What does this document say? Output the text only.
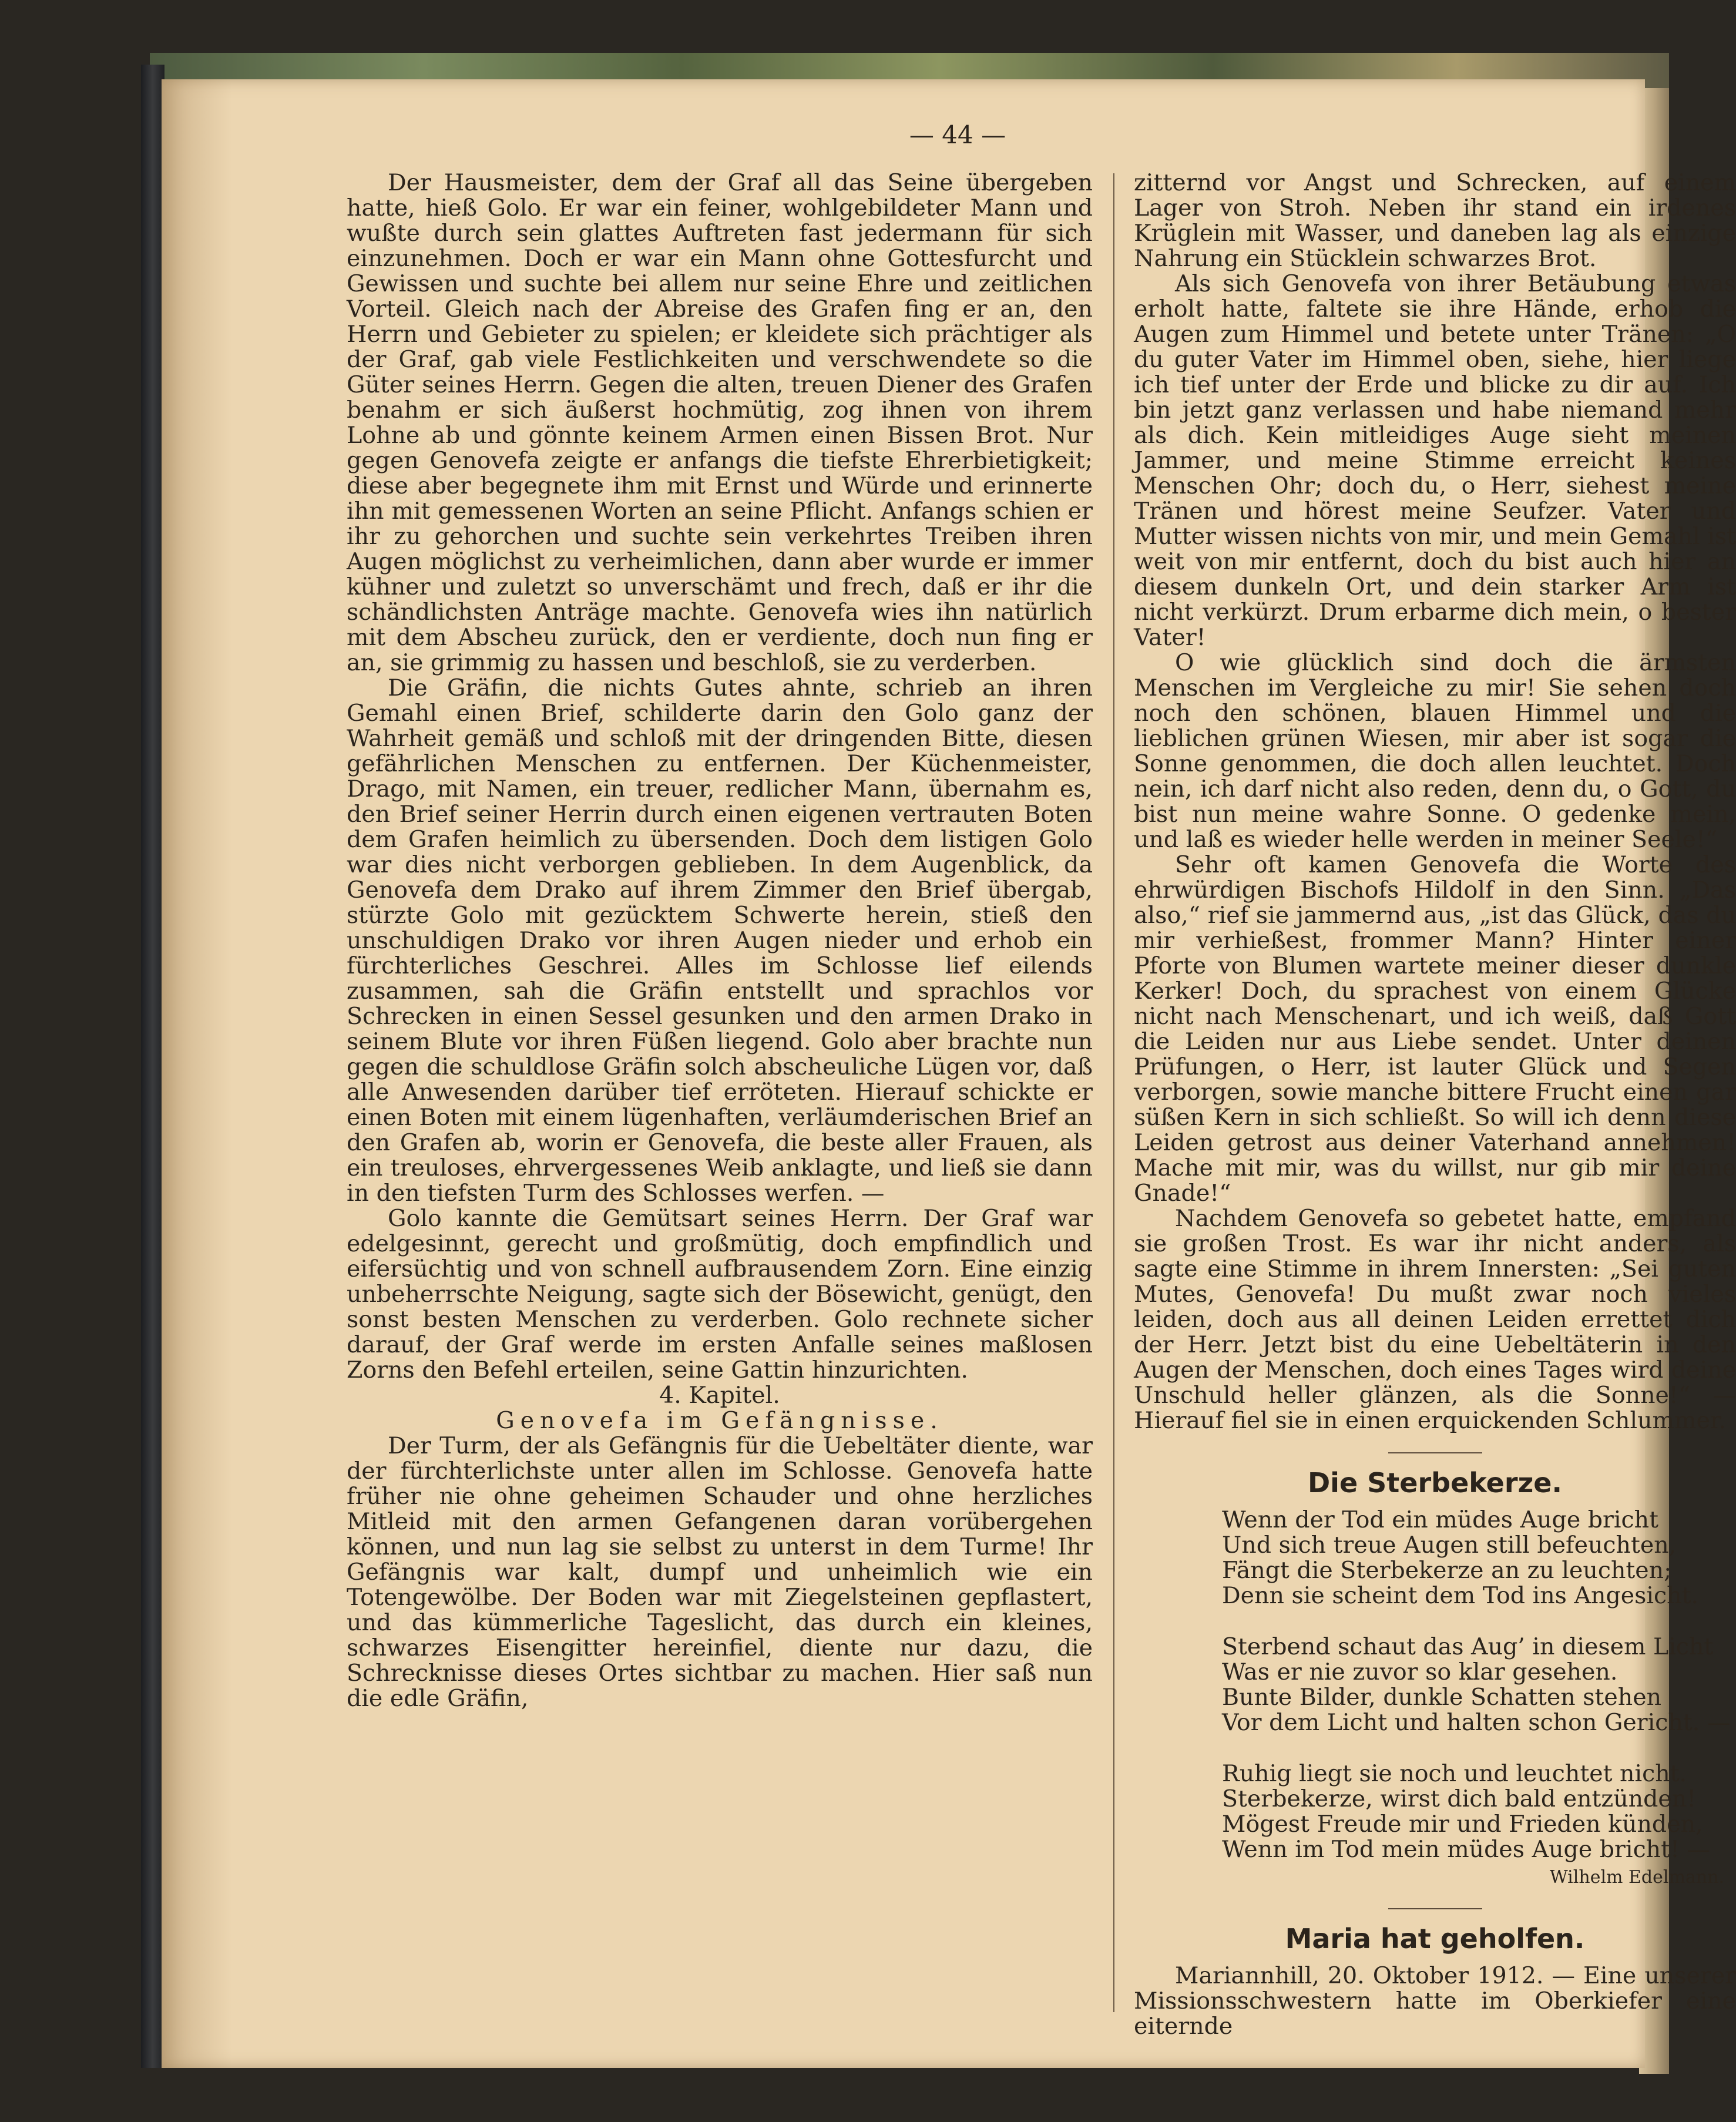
— 44 —

Der Hausmeister, dem der Graf all das Seine übergeben hatte, hieß Golo. Er war ein feiner, wohlgebildeter Mann und wußte durch sein glattes Auftreten fast jedermann für sich einzunehmen. Doch er war ein Mann ohne Gottesfurcht und Gewissen und suchte bei allem nur seine Ehre und zeitlichen Vorteil. Gleich nach der Abreise des Grafen fing er an, den Herrn und Gebieter zu spielen; er kleidete sich prächtiger als der Graf, gab viele Festlichkeiten und verschwendete so die Güter seines Herrn. Gegen die alten, treuen Diener des Grafen benahm er sich äußerst hochmütig, zog ihnen von ihrem Lohne ab und gönnte keinem Armen einen Bissen Brot. Nur gegen Genovefa zeigte er anfangs die tiefste Ehrerbietigkeit; diese aber begegnete ihm mit Ernst und Würde und erinnerte ihn mit gemessenen Worten an seine Pflicht. Anfangs schien er ihr zu gehorchen und suchte sein verkehrtes Treiben ihren Augen möglichst zu verheimlichen, dann aber wurde er immer kühner und zuletzt so unverschämt und frech, daß er ihr die schändlichsten Anträge machte. Genovefa wies ihn natürlich mit dem Abscheu zurück, den er verdiente, doch nun fing er an, sie grimmig zu hassen und beschloß, sie zu verderben.

Die Gräfin, die nichts Gutes ahnte, schrieb an ihren Gemahl einen Brief, schilderte darin den Golo ganz der Wahrheit gemäß und schloß mit der dringenden Bitte, diesen gefährlichen Menschen zu entfernen. Der Küchenmeister, Drago, mit Namen, ein treuer, redlicher Mann, übernahm es, den Brief seiner Herrin durch einen eigenen vertrauten Boten dem Grafen heimlich zu übersenden. Doch dem listigen Golo war dies nicht verborgen geblieben. In dem Augenblick, da Genovefa dem Drako auf ihrem Zimmer den Brief übergab, stürzte Golo mit gezücktem Schwerte herein, stieß den unschuldigen Drako vor ihren Augen nieder und erhob ein fürchterliches Geschrei. Alles im Schlosse lief eilends zusammen, sah die Gräfin entstellt und sprachlos vor Schrecken in einen Sessel gesunken und den armen Drako in seinem Blute vor ihren Füßen liegend. Golo aber brachte nun gegen die schuldlose Gräfin solch abscheuliche Lügen vor, daß alle Anwesenden darüber tief erröteten. Hierauf schickte er einen Boten mit einem lügenhaften, verläumderischen Brief an den Grafen ab, worin er Genovefa, die beste aller Frauen, als ein treuloses, ehrvergessenes Weib anklagte, und ließ sie dann in den tiefsten Turm des Schlosses werfen. —

Golo kannte die Gemütsart seines Herrn. Der Graf war edelgesinnt, gerecht und großmütig, doch empfindlich und eifersüchtig und von schnell aufbrausendem Zorn. Eine einzig unbeherrschte Neigung, sagte sich der Bösewicht, genügt, den sonst besten Menschen zu verderben. Golo rechnete sicher darauf, der Graf werde im ersten Anfalle seines maßlosen Zorns den Befehl erteilen, seine Gattin hinzurichten.

4. Kapitel.

Genovefa im Gefängnisse.

Der Turm, der als Gefängnis für die Uebeltäter diente, war der fürchterlichste unter allen im Schlosse. Genovefa hatte früher nie ohne geheimen Schauder und ohne herzliches Mitleid mit den armen Gefangenen daran vorübergehen können, und nun lag sie selbst zu unterst in dem Turme! Ihr Gefängnis war kalt, dumpf und unheimlich wie ein Totengewölbe. Der Boden war mit Ziegelsteinen gepflastert, und das kümmerliche Tageslicht, das durch ein kleines, schwarzes Eisengitter hereinfiel, diente nur dazu, die Schrecknisse dieses Ortes sichtbar zu machen. Hier saß nun die edle Gräfin,

zitternd vor Angst und Schrecken, auf einem Lager von Stroh. Neben ihr stand ein irdenes Krüglein mit Wasser, und daneben lag als einzige Nahrung ein Stücklein schwarzes Brot.

Als sich Genovefa von ihrer Betäubung etwas erholt hatte, faltete sie ihre Hände, erhob die Augen zum Himmel und betete unter Tränen: „O du guter Vater im Himmel oben, siehe, hier liege ich tief unter der Erde und blicke zu dir auf. Ich bin jetzt ganz verlassen und habe niemand mehr als dich. Kein mitleidiges Auge sieht meinen Jammer, und meine Stimme erreicht keines Menschen Ohr; doch du, o Herr, siehest meine Tränen und hörest meine Seufzer. Vater und Mutter wissen nichts von mir, und mein Gemahl ist weit von mir entfernt, doch du bist auch hier an diesem dunkeln Ort, und dein starker Arm ist nicht verkürzt. Drum erbarme dich mein, o bester Vater!

O wie glücklich sind doch die ärmsten Menschen im Vergleiche zu mir! Sie sehen doch noch den schönen, blauen Himmel und die lieblichen grünen Wiesen, mir aber ist sogar die Sonne genommen, die doch allen leuchtet. Doch nein, ich darf nicht also reden, denn du, o Gott, du bist nun meine wahre Sonne. O gedenke mein, und laß es wieder helle werden in meiner Seele!“

Sehr oft kamen Genovefa die Worte des ehrwürdigen Bischofs Hildolf in den Sinn. „Das also,“ rief sie jammernd aus, „ist das Glück, das du mir verhießest, frommer Mann? Hinter einer Pforte von Blumen wartete meiner dieser dunkle Kerker! Doch, du sprachest von einem Glücke nicht nach Menschenart, und ich weiß, daß Gott die Leiden nur aus Liebe sendet. Unter deinen Prüfungen, o Herr, ist lauter Glück und Segen verborgen, sowie manche bittere Frucht einen gar süßen Kern in sich schließt. So will ich denn diese Leiden getrost aus deiner Vaterhand annehmen! Mache mit mir, was du willst, nur gib mir deine Gnade!“

Nachdem Genovefa so gebetet hatte, empfand sie großen Trost. Es war ihr nicht anders, als sagte eine Stimme in ihrem Innersten: „Sei guten Mutes, Genovefa! Du mußt zwar noch vieles leiden, doch aus all deinen Leiden errettet dich der Herr. Jetzt bist du eine Uebeltäterin in den Augen der Menschen, doch eines Tages wird deine Unschuld heller glänzen, als die Sonne!“ — Hierauf fiel sie in einen erquickenden Schlummer.

Die Sterbekerze.

Wenn der Tod ein müdes Auge bricht

Und sich treue Augen still befeuchten,

Fängt die Sterbekerze an zu leuchten;

Denn sie scheint dem Tod ins Angesicht.

Sterbend schaut das Aug’ in diesem Licht

Was er nie zuvor so klar gesehen.

Bunte Bilder, dunkle Schatten stehen

Vor dem Licht und halten schon Gericht. —

Ruhig liegt sie noch und leuchtet nicht.

Sterbekerze, wirst dich bald entzünden!

Mögest Freude mir und Frieden künden,

Wenn im Tod mein müdes Auge bricht! —

Wilhelm Edelmann.

Maria hat geholfen.

Mariannhill, 20. Oktober 1912. — Eine unserer Missionsschwestern hatte im Oberkiefer eine eiternde
